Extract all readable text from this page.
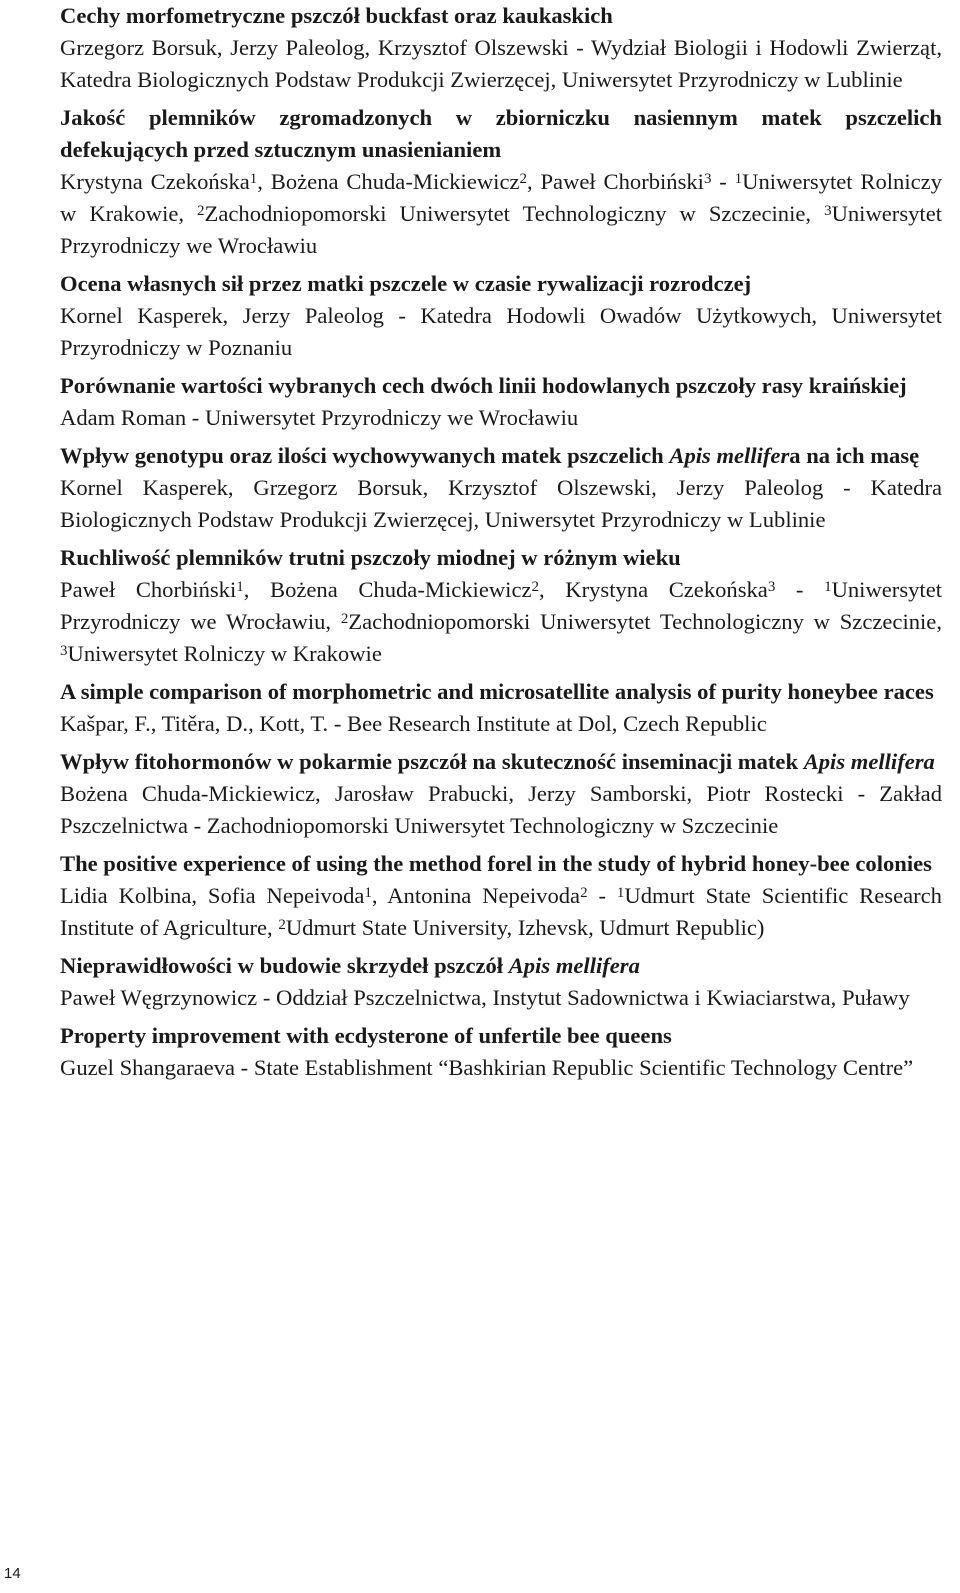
Cechy morfometryczne pszczół buckfast oraz kaukaskich

Grzegorz Borsuk, Jerzy Paleolog, Krzysztof Olszewski - Wydział Biologii i Hodowli Zwierząt, Katedra Biologicznych Podstaw Produkcji Zwierzęcej, Uniwersytet Przyrodniczy w Lublinie

Jakość plemników zgromadzonych w zbiorniczku nasiennym matek pszczelich defekujących przed sztucznym unasienianiem

Krystyna Czekońska$^1$, Bożena Chuda-Mickiewicz$^2$, Paweł Chorbiński$^3$ - $^1$Uniwersytet Rolniczy w Krakowie, $^2$Zachodniopomorski Uniwersytet Technologiczny w Szczecinie, $^3$Uniwersytet Przyrodniczy we Wrocławiu

Ocena własnych sił przez matki pszczele w czasie rywalizacji rozrodczej

Kornel Kasperek, Jerzy Paleolog - Katedra Hodowli Owadów Użytkowych, Uniwersytet Przyrodniczy w Poznaniu

Porównanie wartości wybranych cech dwóch linii hodowlanych pszczoły rasy kraińskiej

Adam Roman - Uniwersytet Przyrodniczy we Wrocławiu

Wpływ genotypu oraz ilości wychowywanych matek pszczelich Apis mellifera na ich masę

Kornel Kasperek, Grzegorz Borsuk, Krzysztof Olszewski, Jerzy Paleolog - Katedra Biologicznych Podstaw Produkcji Zwierzęcej, Uniwersytet Przyrodniczy w Lublinie

Ruchliwość plemników trutni pszczoły miodnej w różnym wieku

Paweł Chorbiński$^1$, Bożena Chuda-Mickiewicz$^2$, Krystyna Czekońska$^3$ - $^1$Uniwersytet Przyrodniczy we Wrocławiu, $^2$Zachodniopomorski Uniwersytet Technologiczny w Szczecinie, $^3$Uniwersytet Rolniczy w Krakowie

A simple comparison of morphometric and microsatellite analysis of purity honeybee races

Kašpar, F., Titěra, D., Kott, T. - Bee Research Institute at Dol, Czech Republic

Wpływ fitohormonów w pokarmie pszczół na skuteczność inseminacji matek Apis mellifera

Bożena Chuda-Mickiewicz, Jarosław Prabucki, Jerzy Samborski, Piotr Rostecki - Zakład Pszczelnictwa - Zachodniopomorski Uniwersytet Technologiczny w Szczecinie

The positive experience of using the method forel in the study of hybrid honey-bee colonies

Lidia Kolbina, Sofia Nepeivoda$^1$, Antonina Nepeivoda$^2$ - $^1$Udmurt State Scientific Research Institute of Agriculture, $^2$Udmurt State University, Izhevsk, Udmurt Republic)

Nieprawidłowości w budowie skrzydeł pszczół Apis mellifera

Paweł Węgrzynowicz - Oddział Pszczelnictwa, Instytut Sadownictwa i Kwiaciarstwa, Puławy

Property improvement with ecdysterone of unfertile bee queens

Guzel Shangaraeva - State Establishment “Bashkirian Republic Scientific Technology Centre”

14
